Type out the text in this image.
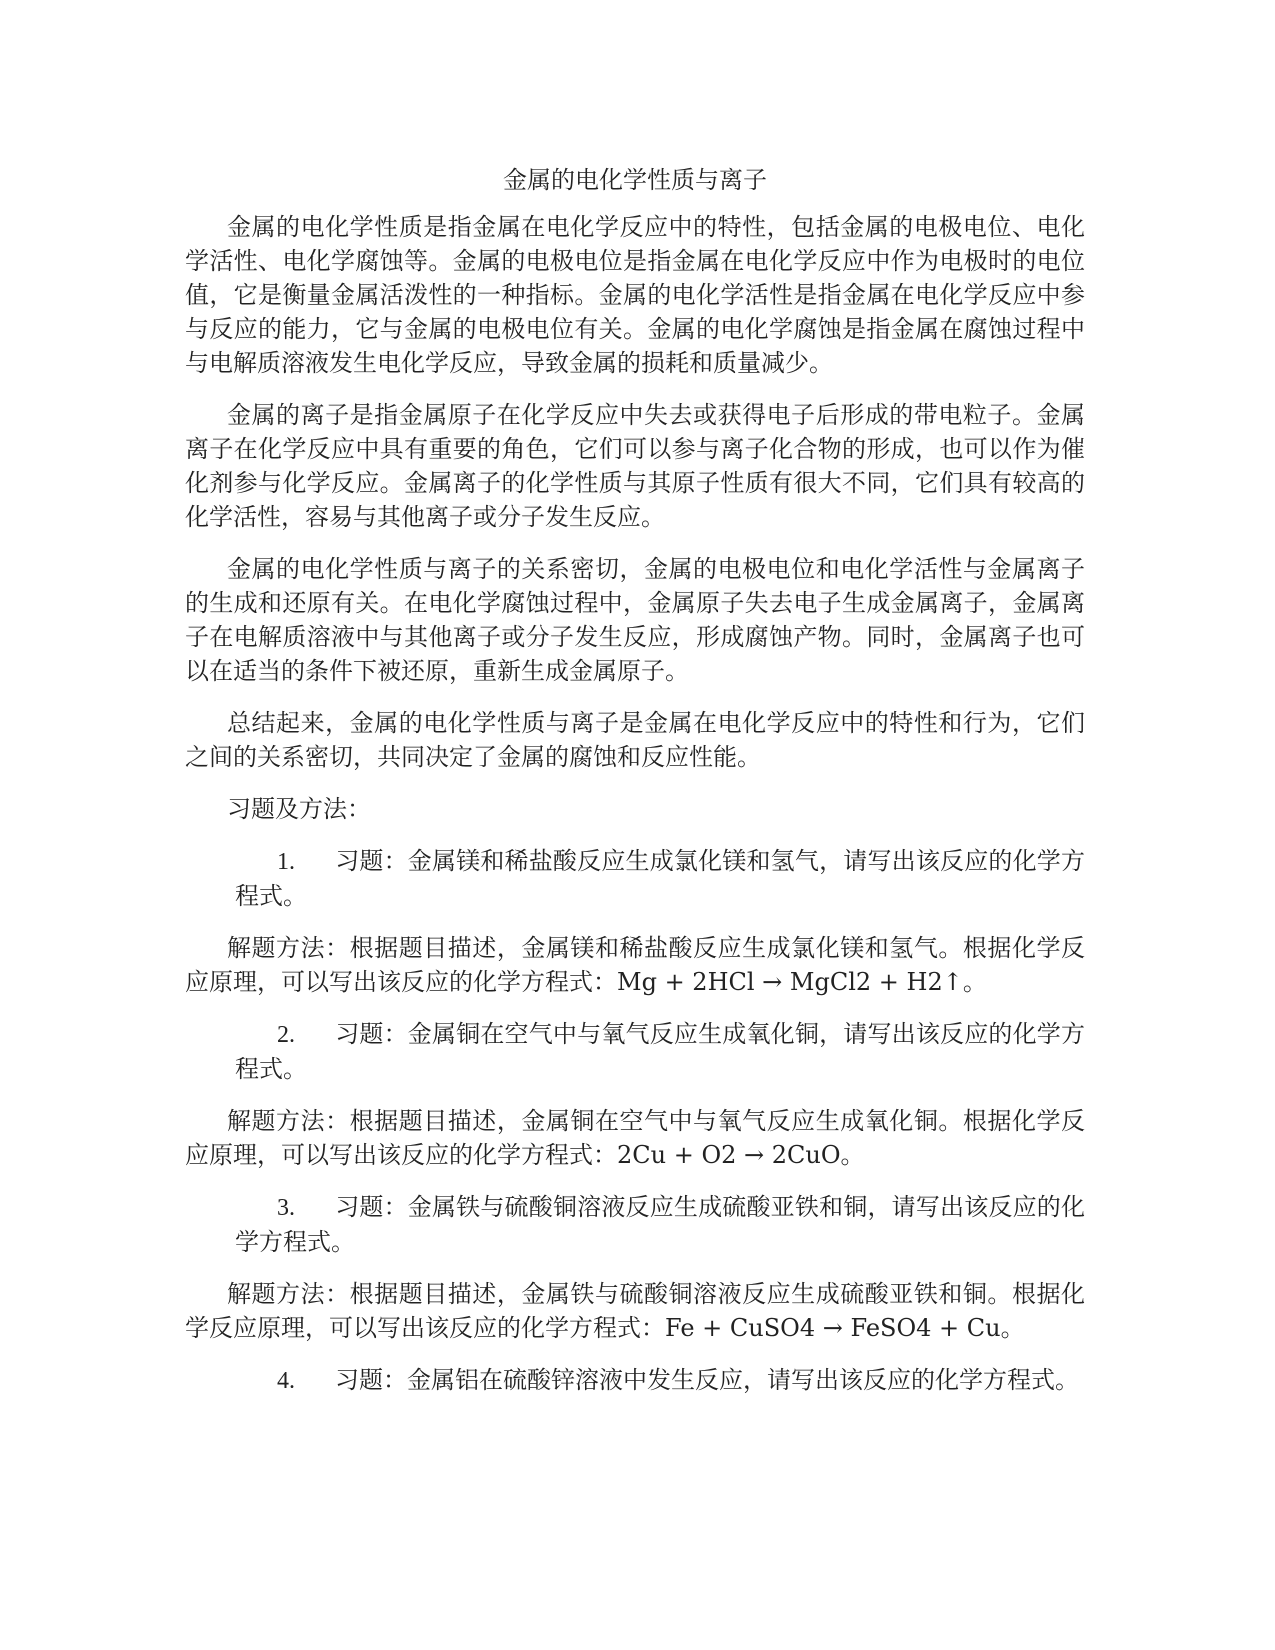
金属的电化学性质与离子

金属的电化学性质是指金属在电化学反应中的特性，包括金属的电极电位、电化学活性、电化学腐蚀等。金属的电极电位是指金属在电化学反应中作为电极时的电位值，它是衡量金属活泼性的一种指标。金属的电化学活性是指金属在电化学反应中参与反应的能力，它与金属的电极电位有关。金属的电化学腐蚀是指金属在腐蚀过程中与电解质溶液发生电化学反应，导致金属的损耗和质量减少。

金属的离子是指金属原子在化学反应中失去或获得电子后形成的带电粒子。金属离子在化学反应中具有重要的角色，它们可以参与离子化合物的形成，也可以作为催化剂参与化学反应。金属离子的化学性质与其原子性质有很大不同，它们具有较高的化学活性，容易与其他离子或分子发生反应。

金属的电化学性质与离子的关系密切，金属的电极电位和电化学活性与金属离子的生成和还原有关。在电化学腐蚀过程中，金属原子失去电子生成金属离子，金属离子在电解质溶液中与其他离子或分子发生反应，形成腐蚀产物。同时，金属离子也可以在适当的条件下被还原，重新生成金属原子。

总结起来，金属的电化学性质与离子是金属在电化学反应中的特性和行为，它们之间的关系密切，共同决定了金属的腐蚀和反应性能。

习题及方法：

1. 习题：金属镁和稀盐酸反应生成氯化镁和氢气，请写出该反应的化学方程式。

解题方法：根据题目描述，金属镁和稀盐酸反应生成氯化镁和氢气。根据化学反应原理，可以写出该反应的化学方程式：Mg + 2HCl → MgCl2 + H2↑。

2. 习题：金属铜在空气中与氧气反应生成氧化铜，请写出该反应的化学方程式。

解题方法：根据题目描述，金属铜在空气中与氧气反应生成氧化铜。根据化学反应原理，可以写出该反应的化学方程式：2Cu + O2 → 2CuO。

3. 习题：金属铁与硫酸铜溶液反应生成硫酸亚铁和铜，请写出该反应的化学方程式。

解题方法：根据题目描述，金属铁与硫酸铜溶液反应生成硫酸亚铁和铜。根据化学反应原理，可以写出该反应的化学方程式：Fe + CuSO4 → FeSO4 + Cu。

4. 习题：金属铝在硫酸锌溶液中发生反应，请写出该反应的化学方程式。
